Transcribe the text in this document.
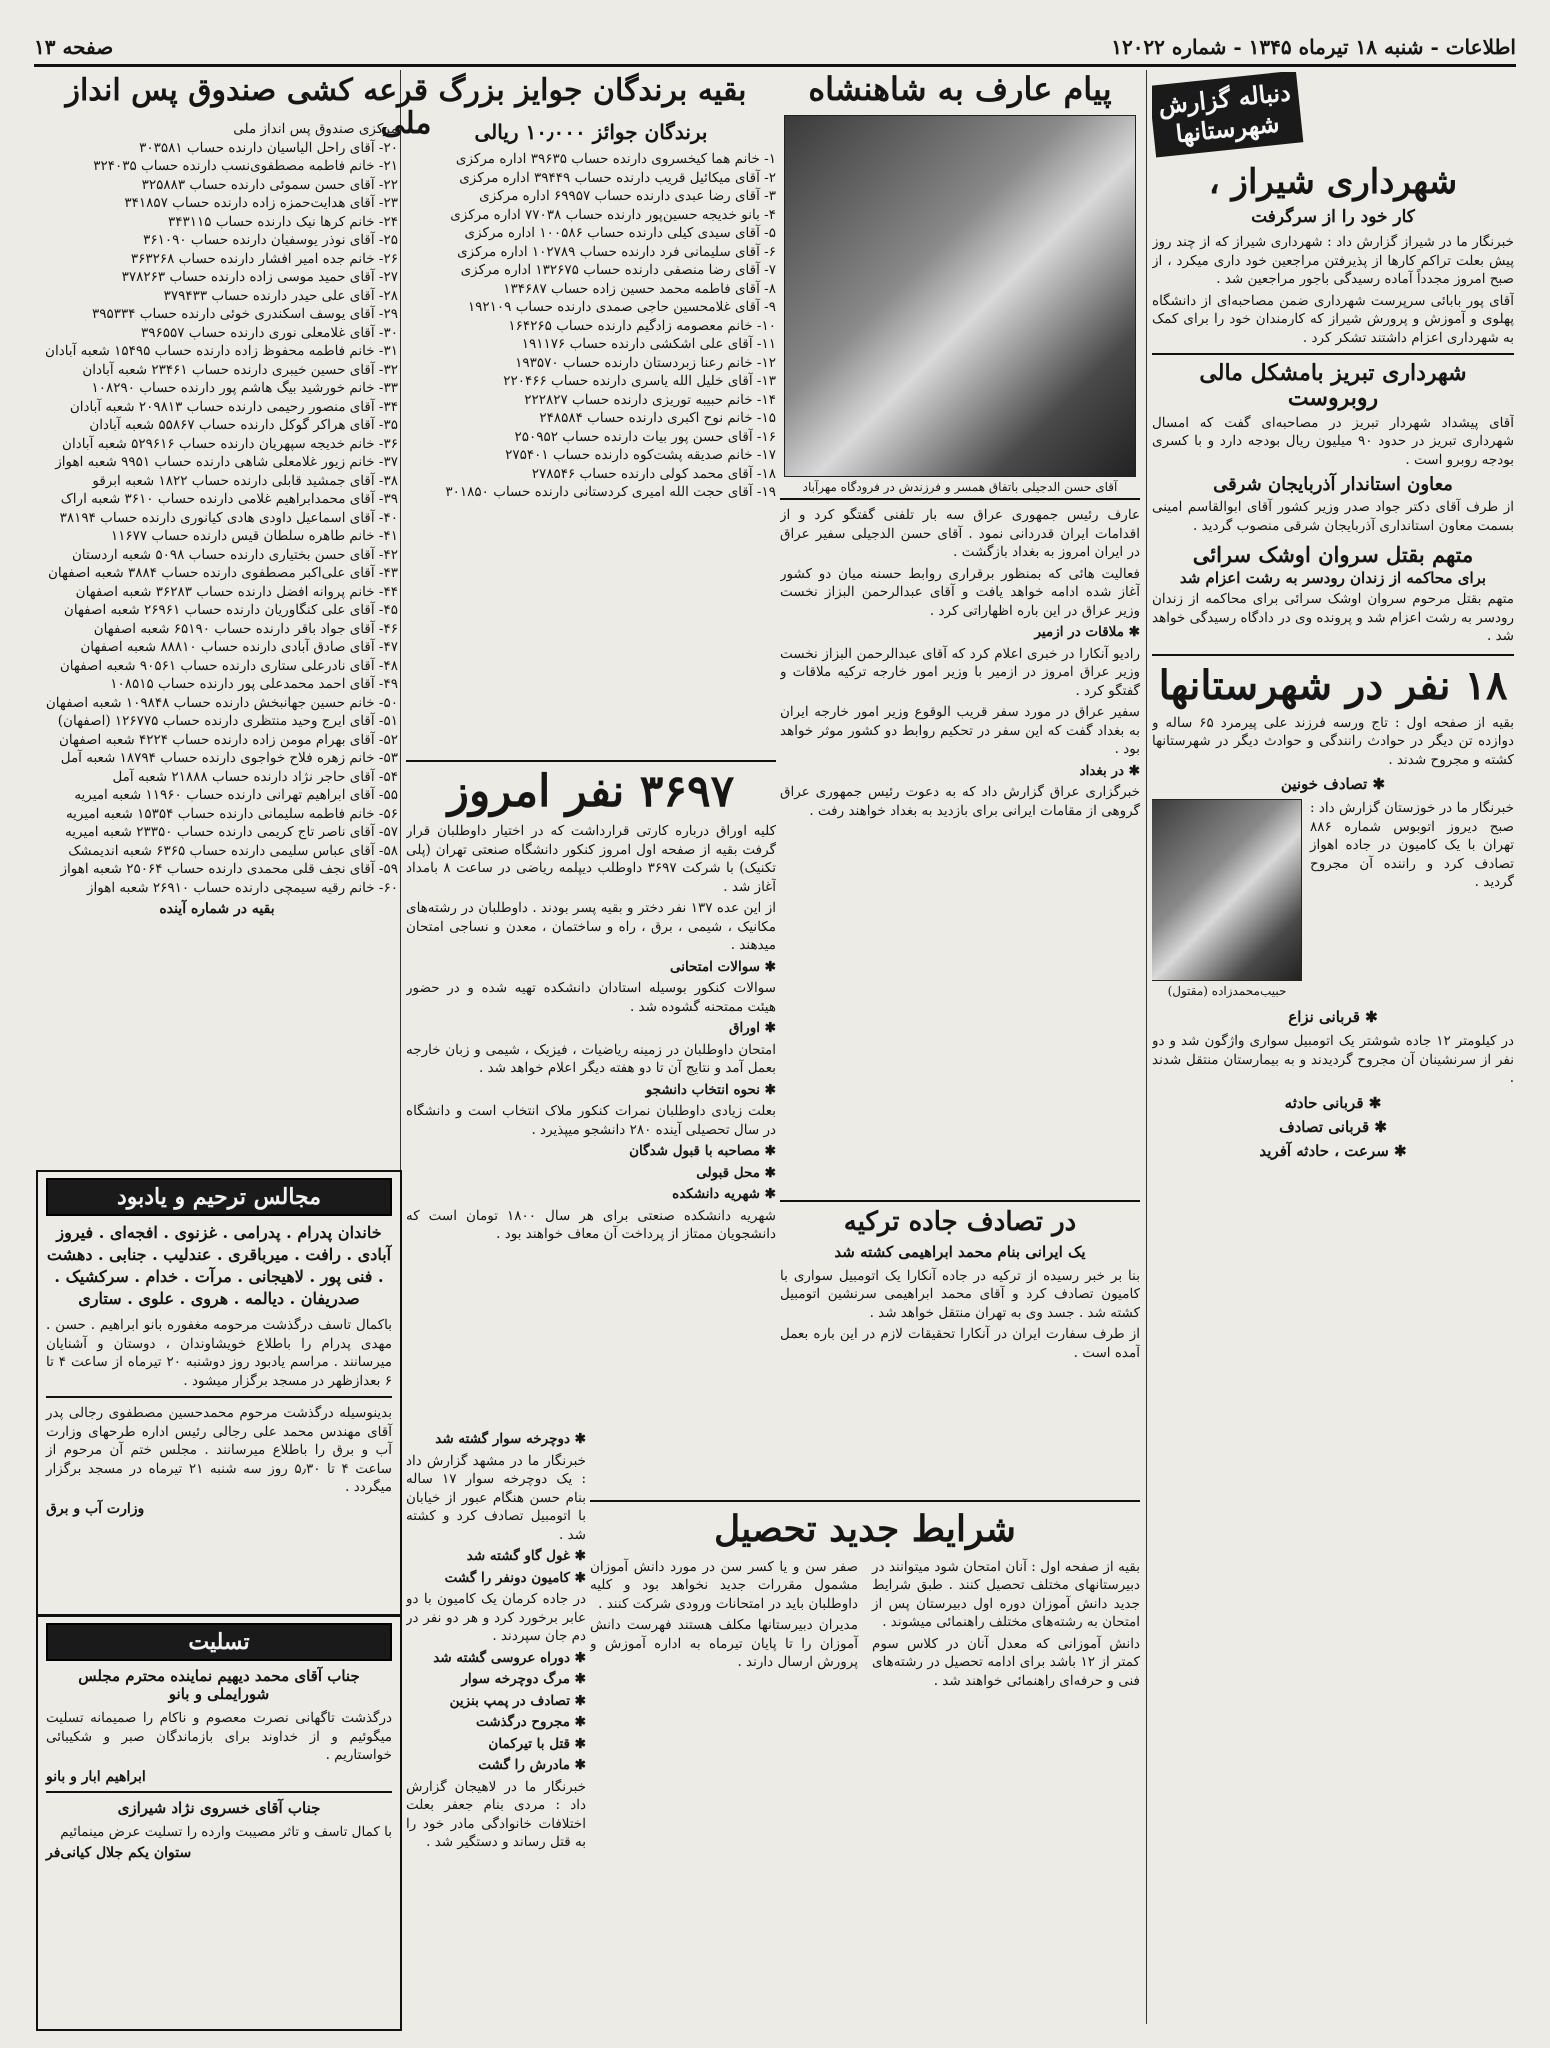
صفحه ۱۳	اطلاعات - شنبه ۱۸ تیرماه ۱۳۴۵ - شماره ۱۲۰۲۲
دنباله گزارش شهرستانها
شهرداری شیراز ،
کار خود را از سرگرفت

خبرنگار ما در شیراز گزارش داد : شهرداری شیراز که از چند روز پیش بعلت تراکم کارها از پذیرفتن مراجعین خود داری میکرد ، از صبح امروز مجدداً آماده رسیدگی باجور مراجعین شد .

آقای پور بابائی سرپرست شهرداری ضمن مصاحبه‌ای از دانشگاه پهلوی و آموزش و پرورش شیراز که کارمندان خود را برای کمک به شهرداری اعزام داشتند تشکر کرد .

شهرداری تبریز بامشکل مالی روبروست
آقای پیشداد شهردار تبریز در مصاحبه‌ای گفت که امسال شهرداری تبریز در حدود ۹۰ میلیون ریال بودجه دارد و با کسری بودجه روبرو است .
معاون استاندار آذربایجان شرقی
از طرف آقای دکتر جواد صدر وزیر کشور آقای ابوالقاسم امینی بسمت معاون استانداری آذربایجان شرقی منصوب گردید .
متهم بقتل سروان اوشک سرائی
برای محاکمه از زندان رودسر به رشت اعزام شد
متهم بقتل مرحوم سروان اوشک سرائی برای محاکمه از زندان رودسر به رشت اعزام شد و پرونده وی در دادگاه رسیدگی خواهد شد .
۱۸ نفر در شهرستانها
بقیه از صفحه اول : تاج ورسه فرزند علی پیرمرد ۶۵ ساله و دوازده تن دیگر در حوادث رانندگی و حوادث دیگر در شهرستانها کشته و مجروح شدند .
✱ تصادف خونین
خبرنگار ما در خوزستان گزارش داد : صبح دیروز اتوبوس شماره ۸۸۶ تهران با یک کامیون در جاده اهواز تصادف کرد و راننده آن مجروح گردید .
حبیب‌محمدزاده (مقتول)
✱ قربانی نزاع
در کیلومتر ۱۲ جاده شوشتر یک اتومبیل سواری واژگون شد و دو نفر از سرنشینان آن مجروح گردیدند و به بیمارستان منتقل شدند .
✱ قربانی حادثه
✱ قربانی تصادف
✱ سرعت ، حادثه آفرید
پیام عارف به شاهنشاه
آقای حسن الدجیلی باتفاق همسر و فرزندش در فرودگاه مهرآباد

عارف رئیس جمهوری عراق سه بار تلفنی گفتگو کرد و از اقدامات ایران قدردانی نمود . آقای حسن الدجیلی سفیر عراق در ایران امروز به بغداد بازگشت .

فعالیت هائی که بمنظور برقراری روابط حسنه میان دو کشور آغاز شده ادامه خواهد یافت و آقای عبدالرحمن البزاز نخست وزیر عراق در این باره اظهاراتی کرد .

✱ ملاقات در ازمیر

رادیو آنکارا در خبری اعلام کرد که آقای عبدالرحمن البزاز نخست وزیر عراق امروز در ازمیر با وزیر امور خارجه ترکیه ملاقات و گفتگو کرد .

سفیر عراق در مورد سفر قریب الوقوع وزیر امور خارجه ایران به بغداد گفت که این سفر در تحکیم روابط دو کشور موثر خواهد بود .

✱ در بغداد

خبرگزاری عراق گزارش داد که به دعوت رئیس جمهوری عراق گروهی از مقامات ایرانی برای بازدید به بغداد خواهند رفت .

برندگان جوائز ۱۰٫۰۰۰ ریالی
۱- خانم هما کیخسروی دارنده حساب ۳۹۶۳۵ اداره مرکزی
۲- آقای میکائیل قریب دارنده حساب ۳۹۴۴۹ اداره مرکزی
۳- آقای رضا عبدی دارنده حساب ۶۹۹۵۷ اداره مرکزی
۴- بانو خدیجه حسین‌پور دارنده حساب ۷۷۰۳۸ اداره مرکزی
۵- آقای سیدی کیلی دارنده حساب ۱۰۰۵۸۶ اداره مرکزی
۶- آقای سلیمانی فرد دارنده حساب ۱۰۲۷۸۹ اداره مرکزی
۷- آقای رضا منصفی دارنده حساب ۱۳۲۶۷۵ اداره مرکزی
۸- آقای فاطمه محمد حسین زاده حساب ۱۳۴۶۸۷
۹- آقای غلامحسین حاجی صمدی دارنده حساب ۱۹۲۱۰۹
۱۰- خانم معصومه زادگیم دارنده حساب ۱۶۴۲۶۵
۱۱- آقای علی اشکشی دارنده حساب ۱۹۱۱۷۶
۱۲- خانم رعنا زبردستان دارنده حساب ۱۹۳۵۷۰
۱۳- آقای خلیل الله یاسری دارنده حساب ۲۲۰۴۶۶
۱۴- خانم حبیبه توریزی دارنده حساب ۲۲۲۸۲۷
۱۵- خانم نوح اکبری دارنده حساب ۲۴۸۵۸۴
۱۶- آقای حسن پور بیات دارنده حساب ۲۵۰۹۵۲
۱۷- خانم صدیقه پشت‌کوه دارنده حساب ۲۷۵۴۰۱
۱۸- آقای محمد کولی دارنده حساب ۲۷۸۵۴۶
۱۹- آقای حجت الله امیری کردستانی دارنده حساب ۳۰۱۸۵۰
بقیه برندگان جوایز بزرگ قرعه کشی صندوق پس انداز ملی
مرکزی صندوق پس انداز ملی
۲۰- آقای راحل الیاسیان دارنده حساب ۳۰۳۵۸۱
۲۱- خانم فاطمه مصطفوی‌نسب دارنده حساب ۳۲۴۰۳۵
۲۲- آقای حسن سموئی دارنده حساب ۳۲۵۸۸۳
۲۳- آقای هدایت‌حمزه زاده دارنده حساب ۳۴۱۸۵۷
۲۴- خانم کرها نیک دارنده حساب ۳۴۳۱۱۵
۲۵- آقای نوذر یوسفیان دارنده حساب ۳۶۱۰۹۰
۲۶- خانم جده امیر افشار دارنده حساب ۳۶۳۲۶۸
۲۷- آقای حمید موسی زاده دارنده حساب ۳۷۸۲۶۳
۲۸- آقای علی حیدر دارنده حساب ۳۷۹۴۳۳
۲۹- آقای یوسف اسکندری خوئی دارنده حساب ۳۹۵۳۳۴
۳۰- آقای غلامعلی نوری دارنده حساب ۳۹۶۵۵۷
۳۱- خانم فاطمه محفوظ زاده دارنده حساب ۱۵۴۹۵ شعبه آبادان
۳۲- آقای حسین خیبری دارنده حساب ۲۳۴۶۱ شعبه آبادان
۳۳- خانم خورشید بیگ هاشم پور دارنده حساب ۱۰۸۲۹۰
۳۴- آقای منصور رحیمی دارنده حساب ۲۰۹۸۱۳ شعبه آبادان
۳۵- آقای هراکر گوکل دارنده حساب ۵۵۸۶۷ شعبه آبادان
۳۶- خانم خدیجه سپهریان دارنده حساب ۵۲۹۶۱۶ شعبه آبادان
۳۷- خانم زیور غلامعلی شاهی دارنده حساب ۹۹۵۱ شعبه اهواز
۳۸- آقای جمشید قابلی دارنده حساب ۱۸۲۲ شعبه ابرقو
۳۹- آقای محمدابراهیم غلامی دارنده حساب ۳۶۱۰ شعبه اراک
۴۰- آقای اسماعیل داودی هادی کیانوری دارنده حساب ۳۸۱۹۴
۴۱- خانم طاهره سلطان قیس دارنده حساب ۱۱۶۷۷
۴۲- آقای حسن بختیاری دارنده حساب ۵۰۹۸ شعبه اردستان
۴۳- آقای علی‌اکبر مصطفوی دارنده حساب ۳۸۸۴ شعبه اصفهان
۴۴- خانم پروانه افضل دارنده حساب ۳۶۲۸۳ شعبه اصفهان
۴۵- آقای علی کنگاوریان دارنده حساب ۲۶۹۶۱ شعبه اصفهان
۴۶- آقای جواد باقر دارنده حساب ۶۵۱۹۰ شعبه اصفهان
۴۷- آقای صادق آبادی دارنده حساب ۸۸۸۱۰ شعبه اصفهان
۴۸- آقای نادرعلی ستاری دارنده حساب ۹۰۵۶۱ شعبه اصفهان
۴۹- آقای احمد محمدعلی پور دارنده حساب ۱۰۸۵۱۵
۵۰- خانم حسین جهانبخش دارنده حساب ۱۰۹۸۴۸ شعبه اصفهان
۵۱- آقای ایرج وحید منتظری دارنده حساب ۱۲۶۷۷۵ (اصفهان)
۵۲- آقای بهرام مومن زاده دارنده حساب ۴۲۲۴ شعبه اصفهان
۵۳- خانم زهره فلاح خواجوی دارنده حساب ۱۸۷۹۴ شعبه آمل
۵۴- آقای حاجر نژاد دارنده حساب ۲۱۸۸۸ شعبه آمل
۵۵- آقای ابراهیم تهرانی دارنده حساب ۱۱۹۶۰ شعبه امیریه
۵۶- خانم فاطمه سلیمانی دارنده حساب ۱۵۳۵۴ شعبه امیریه
۵۷- آقای ناصر تاج کریمی دارنده حساب ۲۳۳۵۰ شعبه امیریه
۵۸- آقای عباس سلیمی دارنده حساب ۶۳۶۵ شعبه اندیمشک
۵۹- آقای نجف قلی محمدی دارنده حساب ۲۵۰۶۴ شعبه اهواز
۶۰- خانم رقیه سیمچی دارنده حساب ۲۶۹۱۰ شعبه اهواز
بقیه در شماره آینده
۳۶۹۷ نفر امروز

کلیه اوراق درباره کارتی قرارداشت که در اختیار داوطلبان قرار گرفت بقیه از صفحه اول امروز کنکور دانشگاه صنعتی تهران (پلی تکنیک) با شرکت ۳۶۹۷ داوطلب دیپلمه ریاضی در ساعت ۸ بامداد آغاز شد .

از این عده ۱۳۷ نفر دختر و بقیه پسر بودند . داوطلبان در رشته‌های مکانیک ، شیمی ، برق ، راه و ساختمان ، معدن و نساجی امتحان میدهند .

✱ سوالات امتحانی

سوالات کنکور بوسیله استادان دانشکده تهیه شده و در حضور هیئت ممتحنه گشوده شد .

✱ اوراق

امتحان داوطلبان در زمینه ریاضیات ، فیزیک ، شیمی و زبان خارجه بعمل آمد و نتایج آن تا دو هفته دیگر اعلام خواهد شد .

✱ نحوه انتخاب دانشجو

بعلت زیادی داوطلبان نمرات کنکور ملاک انتخاب است و دانشگاه در سال تحصیلی آینده ۲۸۰ دانشجو میپذیرد .

✱ مصاحبه با قبول شدگان

✱ محل قبولی

✱ شهریه دانشکده

شهریه دانشکده صنعتی برای هر سال ۱۸۰۰ تومان است که دانشجویان ممتاز از پرداخت آن معاف خواهند بود .	در تصادف جاده ترکیه
یک ایرانی بنام محمد ابراهیمی کشته شد

بنا بر خبر رسیده از ترکیه در جاده آنکارا یک اتومبیل سواری با کامیون تصادف کرد و آقای محمد ابراهیمی سرنشین اتومبیل کشته شد . جسد وی به تهران منتقل خواهد شد .

از طرف سفارت ایران در آنکارا تحقیقات لازم در این باره بعمل آمده است .

شرایط جدید تحصیل

بقیه از صفحه اول : آنان امتحان شود میتوانند در دبیرستانهای مختلف تحصیل کنند . طبق شرایط جدید دانش آموزان دوره اول دبیرستان پس از امتحان به رشته‌های مختلف راهنمائی میشوند .

دانش آموزانی که معدل آنان در کلاس سوم کمتر از ۱۲ باشد برای ادامه تحصیل در رشته‌های فنی و حرفه‌ای راهنمائی خواهند شد .

صفر سن و یا کسر سن در مورد دانش آموزان مشمول مقررات جدید نخواهد بود و کلیه داوطلبان باید در امتحانات ورودی شرکت کنند .

مدیران دبیرستانها مکلف هستند فهرست دانش آموزان را تا پایان تیرماه به اداره آموزش و پرورش ارسال دارند .

✱ دوچرخه سوار گشته شد

خبرنگار ما در مشهد گزارش داد : یک دوچرخه سوار ۱۷ ساله بنام حسن هنگام عبور از خیابان با اتومبیل تصادف کرد و کشته شد .

✱ غول گاو گشته شد

✱ کامیون دونفر را گشت

در جاده کرمان یک کامیون با دو عابر برخورد کرد و هر دو نفر در دم جان سپردند .

✱ دوراه عروسی گشته شد

✱ مرگ دوچرخه سوار

✱ تصادف در پمپ بنزین

✱ مجروح درگذشت

✱ قتل با تیرکمان

✱ مادرش را گشت

خبرنگار ما در لاهیجان گزارش داد : مردی بنام جعفر بعلت اختلافات خانوادگی مادر خود را به قتل رساند و دستگیر شد .

مجالس ترحیم و یادبود
خاندان پدرام . پدرامی . غزنوی . افجه‌ای . فیروز آبادی . رافت . میرباقری . عندلیب . جنابی . دهشت . فنی پور . لاهیجانی . مرآت . خدام . سرکشیک . صدریفان . دیالمه . هروی . علوی . ستاری
باکمال تاسف درگذشت مرحومه مغفوره بانو ابراهیم . حسن . مهدی پدرام را باطلاع خویشاوندان ، دوستان و آشنایان میرسانند . مراسم یادبود روز دوشنبه ۲۰ تیرماه از ساعت ۴ تا ۶ بعدازظهر در مسجد برگزار میشود .
بدینوسیله درگذشت مرحوم محمدحسین مصطفوی رجالی پدر آقای مهندس محمد علی رجالی رئیس اداره طرحهای وزارت آب و برق را باطلاع میرسانند . مجلس ختم آن مرحوم از ساعت ۴ تا ۵٫۳۰ روز سه شنبه ۲۱ تیرماه در مسجد برگزار میگردد .
وزارت آب و برق
تسلیت
جناب آقای محمد دیهیم نماینده محترم مجلس شورایملی و بانو
درگذشت تاگهانی نصرت معصوم و ناکام را صمیمانه تسلیت میگوئیم و از خداوند برای بازماندگان صبر و شکیبائی خواستاریم .
ابراهیم ابار و بانو
جناب آقای خسروی نژاد شیرازی
با کمال تاسف و تاثر مصیبت وارده را تسلیت عرض مینمائیم
ستوان یکم جلال کیانی‌فر
